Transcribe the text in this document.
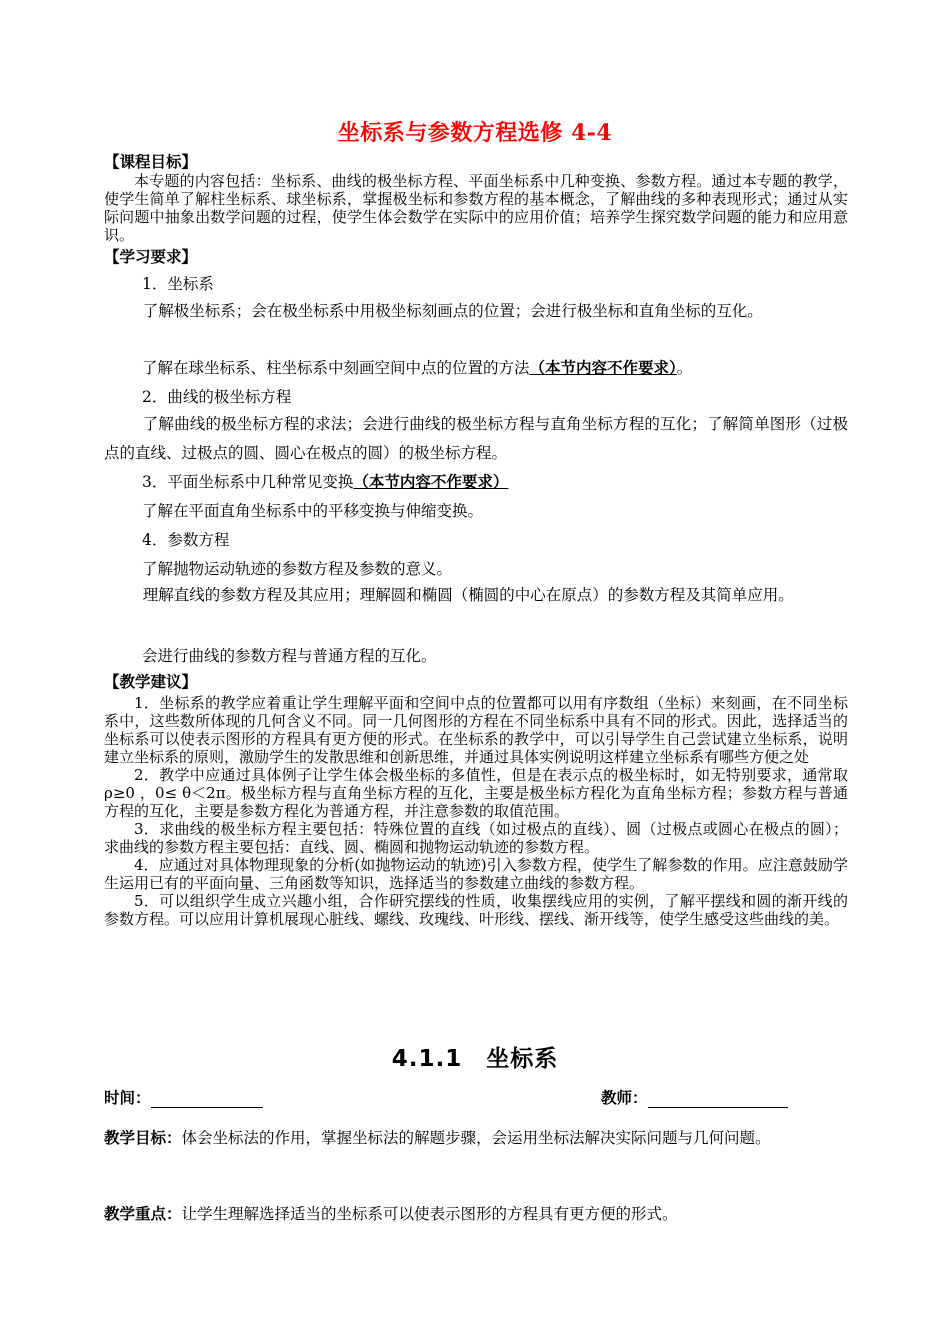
坐标系与参数方程选修 4-4
【课程目标】

本专题的内容包括：坐标系、曲线的极坐标方程、平面坐标系中几种变换、参数方程。通过本专题的教学，使学生简单了解柱坐标系、球坐标系，掌握极坐标和参数方程的基本概念，了解曲线的多种表现形式；通过从实际问题中抽象出数学问题的过程，使学生体会数学在实际中的应用价值；培养学生探究数学问题的能力和应用意识。

【学习要求】
1．坐标系
了解极坐标系；会在极坐标系中用极坐标刻画点的位置；会进行极坐标和直角坐标的互化。
了解在球坐标系、柱坐标系中刻画空间中点的位置的方法（本节内容不作要求）。
2．曲线的极坐标方程
了解曲线的极坐标方程的求法；会进行曲线的极坐标方程与直角坐标方程的互化；了解简单图形（过极点的直线、过极点的圆、圆心在极点的圆）的极坐标方程。
3．平面坐标系中几种常见变换（本节内容不作要求）
了解在平面直角坐标系中的平移变换与伸缩变换。
4．参数方程
了解抛物运动轨迹的参数方程及参数的意义。
理解直线的参数方程及其应用；理解圆和椭圆（椭圆的中心在原点）的参数方程及其简单应用。
会进行曲线的参数方程与普通方程的互化。
【教学建议】

1．坐标系的教学应着重让学生理解平面和空间中点的位置都可以用有序数组（坐标）来刻画，在不同坐标系中，这些数所体现的几何含义不同。同一几何图形的方程在不同坐标系中具有不同的形式。因此，选择适当的坐标系可以使表示图形的方程具有更方便的形式。在坐标系的教学中，可以引导学生自己尝试建立坐标系，说明建立坐标系的原则，激励学生的发散思维和创新思维，并通过具体实例说明这样建立坐标系有哪些方便之处

2．教学中应通过具体例子让学生体会极坐标的多值性，但是在表示点的极坐标时，如无特别要求，通常取 ρ≥0 ，0≤ θ＜2π。极坐标方程与直角坐标方程的互化，主要是极坐标方程化为直角坐标方程；参数方程与普通方程的互化，主要是参数方程化为普通方程，并注意参数的取值范围。

3．求曲线的极坐标方程主要包括：特殊位置的直线（如过极点的直线）、圆（过极点或圆心在极点的圆）；求曲线的参数方程主要包括：直线、圆、椭圆和抛物运动轨迹的参数方程。

4．应通过对具体物理现象的分析(如抛物运动的轨迹)引入参数方程，使学生了解参数的作用。应注意鼓励学生运用已有的平面向量、三角函数等知识，选择适当的参数建立曲线的参数方程。

5．可以组织学生成立兴趣小组，合作研究摆线的性质，收集摆线应用的实例，了解平摆线和圆的渐开线的参数方程。可以应用计算机展现心脏线、螺线、玫瑰线、叶形线、摆线、渐开线等，使学生感受这些曲线的美。

4.1.1　坐标系
时间：	教师：
教学目标：体会坐标法的作用，掌握坐标法的解题步骤，会运用坐标法解决实际问题与几何问题。
教学重点：让学生理解选择适当的坐标系可以使表示图形的方程具有更方便的形式。
